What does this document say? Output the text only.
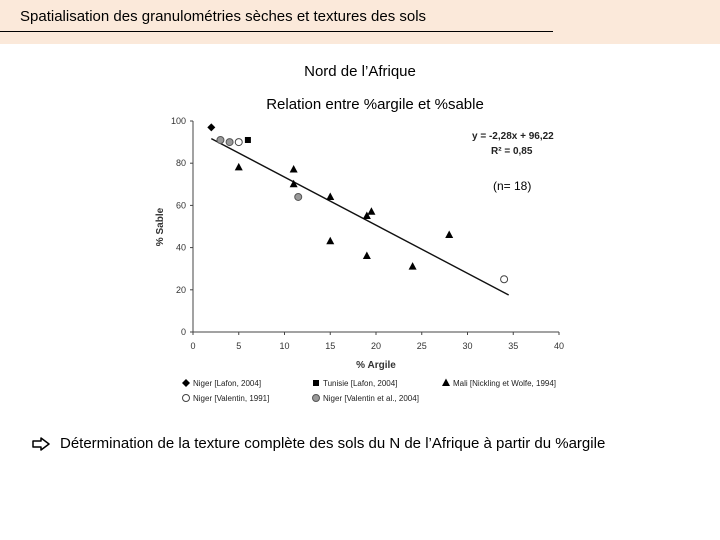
Spatialisation des granulométries sèches et textures des sols
Nord de l’Afrique
Relation entre %argile et %sable
0	5	10	15	20	25	30	35	40
0
20
40
60
80
100
y = -2,28x + 96,22
R² = 0,85
(n= 18)
% Argile
% Sable
Niger [Lafon, 2004]	Tunisie [Lafon, 2004]	Mali [Nickling et Wolfe, 1994]
Niger [Valentin, 1991]	Niger [Valentin et al., 2004]
Détermination de la texture complète des sols du N de l’Afrique à partir du %argile
